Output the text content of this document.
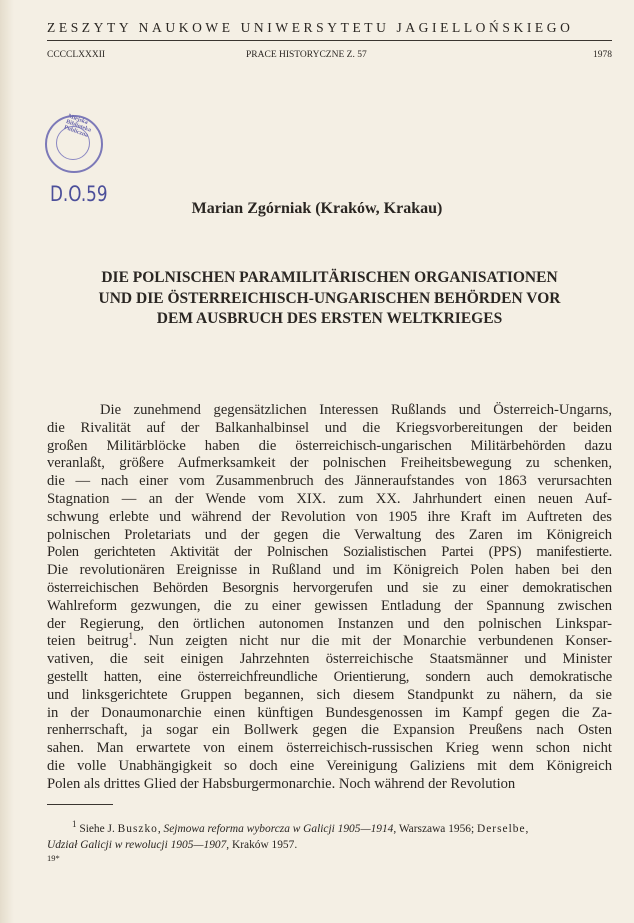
ZESZYTY NAUKOWE UNIWERSYTETU JAGIELLOŃSKIEGO
CCCCLXXXII	PRACE HISTORYCZNE Z. 57	1978
Miejska Biblioteka Publiczna
D.O.59
Marian Zgórniak (Kraków, Krakau)
DIE POLNISCHEN PARAMILITÄRISCHEN ORGANISATIONEN
UND DIE ÖSTERREICHISCH-UNGARISCHEN BEHÖRDEN VOR
DEM AUSBRUCH DES ERSTEN WELTKRIEGES
Die zunehmend gegensätzlichen Interessen Rußlands und Österreich-Ungarns,
die Rivalität auf der Balkanhalbinsel und die Kriegsvorbereitungen der beiden
großen Militärblöcke haben die österreichisch-ungarischen Militärbehörden dazu
veranlaßt, größere Aufmerksamkeit der polnischen Freiheitsbewegung zu schenken,
die — nach einer vom Zusammenbruch des Jänneraufstandes von 1863 verursachten
Stagnation — an der Wende vom XIX. zum XX. Jahrhundert einen neuen Auf-
schwung erlebte und während der Revolution von 1905 ihre Kraft im Auftreten des
polnischen Proletariats und der gegen die Verwaltung des Zaren im Königreich
Polen gerichteten Aktivität der Polnischen Sozialistischen Partei (PPS) manifestierte.
Die revolutionären Ereignisse in Rußland und im Königreich Polen haben bei den
österreichischen Behörden Besorgnis hervorgerufen und sie zu einer demokratischen
Wahlreform gezwungen, die zu einer gewissen Entladung der Spannung zwischen
der Regierung, den örtlichen autonomen Instanzen und den polnischen Linkspar-
teien beitrug$^1$. Nun zeigten nicht nur die mit der Monarchie verbundenen Konser-
vativen, die seit einigen Jahrzehnten österreichische Staatsmänner und Minister
gestellt hatten, eine österreichfreundliche Orientierung, sondern auch demokratische
und linksgerichtete Gruppen begannen, sich diesem Standpunkt zu nähern, da sie
in der Donaumonarchie einen künftigen Bundesgenossen im Kampf gegen die Za-
renherrschaft, ja sogar ein Bollwerk gegen die Expansion Preußens nach Osten
sahen. Man erwartete von einem österreichisch-russischen Krieg wenn schon nicht
die volle Unabhängigkeit so doch eine Vereinigung Galiziens mit dem Königreich
Polen als drittes Glied der Habsburgermonarchie. Noch während der Revolution
$^1$ Siehe J. Buszko, Sejmowa reforma wyborcza w Galicji 1905—1914, Warszawa 1956; Derselbe,
Udział Galicji w rewolucji 1905—1907, Kraków 1957.
19*
